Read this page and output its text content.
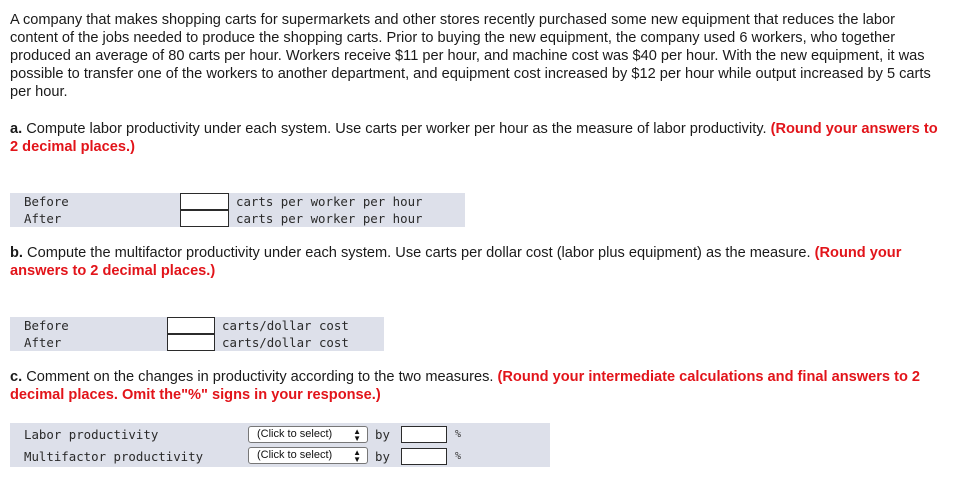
A company that makes shopping carts for supermarkets and other stores recently purchased some new equipment that reduces the labor content of the jobs needed to produce the shopping carts. Prior to buying the new equipment, the company used 6 workers, who together produced an average of 80 carts per hour. Workers receive $11 per hour, and machine cost was $40 per hour. With the new equipment, it was possible to transfer one of the workers to another department, and equipment cost increased by $12 per hour while output increased by 5 carts per hour.
a. Compute labor productivity under each system. Use carts per worker per hour as the measure of labor productivity. (Round your answers to 2 decimal places.)
Before
After
carts per worker per hour
carts per worker per hour
b. Compute the multifactor productivity under each system. Use carts per dollar cost (labor plus equipment) as the measure. (Round your answers to 2 decimal places.)
Before
After
carts/dollar cost
carts/dollar cost
c. Comment on the changes in productivity according to the two measures. (Round your intermediate calculations and final answers to 2 decimal places. Omit the"%" signs in your response.)
Labor productivity
Multifactor productivity
(Click to select)	▲
▼
(Click to select)	▲
▼
by
by
%
%
